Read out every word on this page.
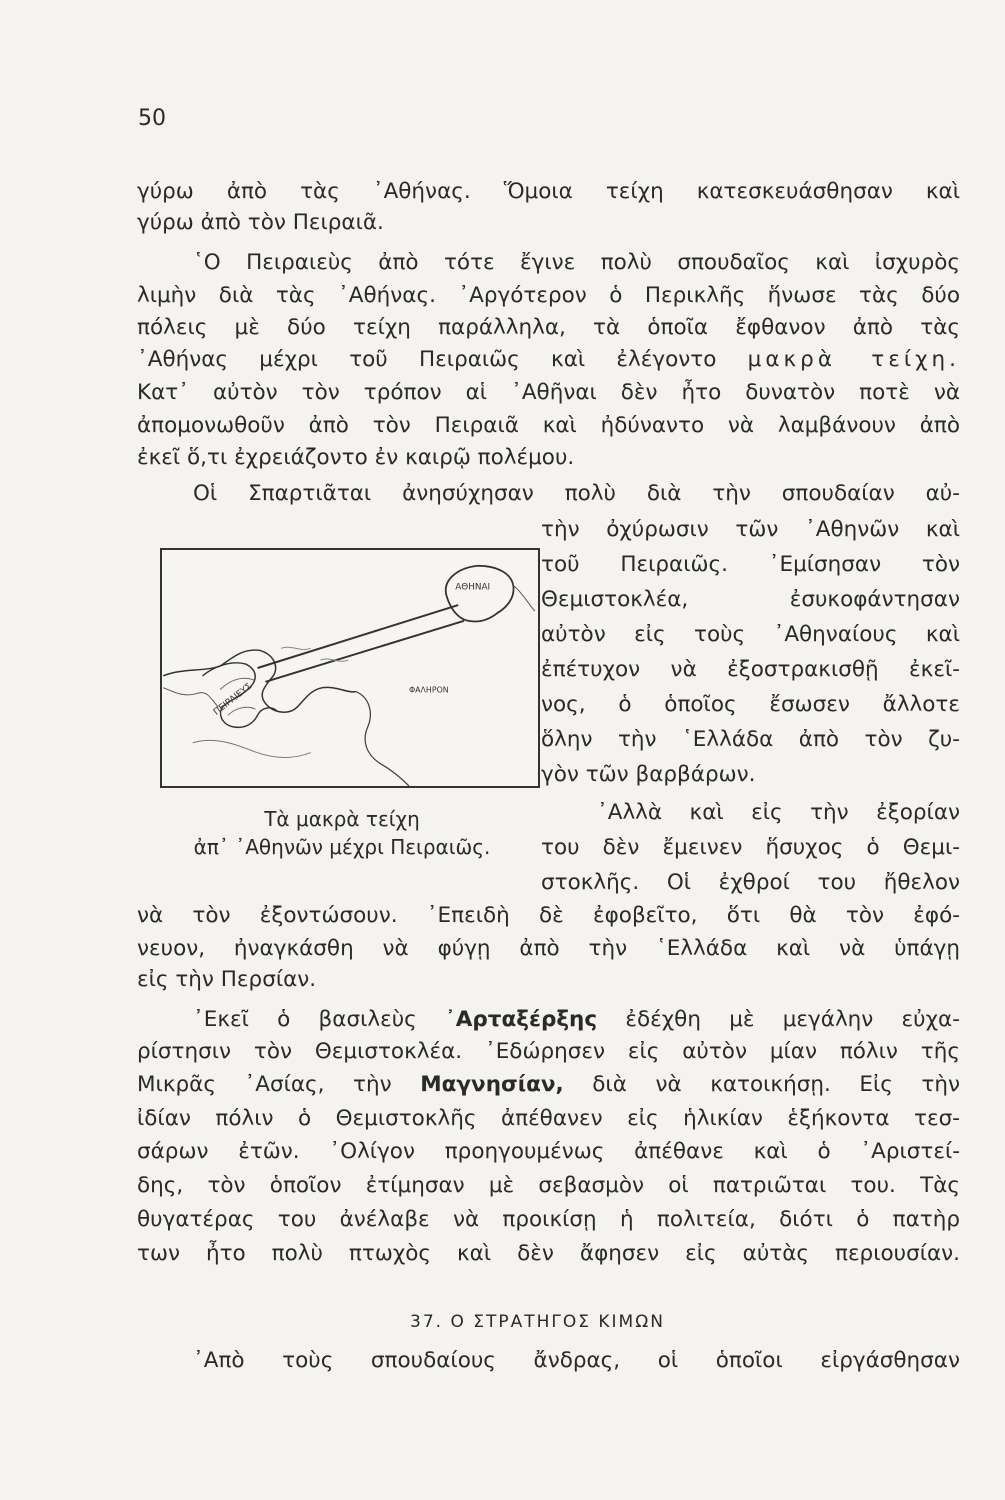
50
γύρω ἀπὸ τὰς ᾿Αθήνας. Ὅμοια τείχη κατεσκευάσθησαν καὶ
γύρω ἀπὸ τὸν Πειραιᾶ.
῾Ο Πειραιεὺς ἀπὸ τότε ἔγινε πολὺ σπουδαῖος καὶ ἰσχυρὸς
λιμὴν διὰ τὰς ᾿Αθήνας. ᾿Αργότερον ὁ Περικλῆς ἥνωσε τὰς δύο
πόλεις μὲ δύο τείχη παράλληλα, τὰ ὁποῖα ἔφθανον ἀπὸ τὰς
᾿Αθήνας μέχρι τοῦ Πειραιῶς καὶ ἐλέγοντο μακρὰ τείχη.
Κατ᾿ αὐτὸν τὸν τρόπον αἱ ᾿Αθῆναι δὲν ἦτο δυνατὸν ποτὲ νὰ
ἀπομονωθοῦν ἀπὸ τὸν Πειραιᾶ καὶ ἠδύναντο νὰ λαμβάνουν ἀπὸ
ἐκεῖ ὅ,τι ἐχρειάζοντο ἐν καιρῷ πολέμου.
Οἱ Σπαρτιᾶται ἀνησύχησαν πολὺ διὰ τὴν σπουδαίαν αὐ-
τὴν ὀχύρωσιν τῶν ᾿Αθηνῶν καὶ
τοῦ Πειραιῶς. ᾿Εμίσησαν τὸν
Θεμιστοκλέα, ἐσυκοφάντησαν
αὐτὸν εἰς τοὺς ᾿Αθηναίους καὶ
ἐπέτυχον νὰ ἐξοστρακισθῇ ἐκεῖ-
νος, ὁ ὁποῖος ἔσωσεν ἄλλοτε
ὅλην τὴν ῾Ελλάδα ἀπὸ τὸν ζυ-
γὸν τῶν βαρβάρων.
᾿Αλλὰ καὶ εἰς τὴν ἐξορίαν
του δὲν ἔμεινεν ἥσυχος ὁ Θεμι-
στοκλῆς. Οἱ ἐχθροί του ἤθελον
ΑΘΗΝΑΙ
ΦΑΛΗΡΟΝ
ΠΕΙΡΑΙΕΥΣ
Τὰ μακρὰ τείχη
ἀπ᾿ ᾿Αθηνῶν μέχρι Πειραιῶς.
νὰ τὸν ἐξοντώσουν. ᾿Επειδὴ δὲ ἐφοβεῖτο, ὅτι θὰ τὸν ἐφό-
νευον, ἠναγκάσθη νὰ φύγῃ ἀπὸ τὴν ῾Ελλάδα καὶ νὰ ὑπάγῃ
εἰς τὴν Περσίαν.
᾿Εκεῖ ὁ βασιλεὺς ᾿Αρταξέρξης ἐδέχθη μὲ μεγάλην εὐχα-
ρίστησιν τὸν Θεμιστοκλέα. ᾿Εδώρησεν εἰς αὐτὸν μίαν πόλιν τῆς
Μικρᾶς ᾿Ασίας, τὴν Μαγνησίαν, διὰ νὰ κατοικήσῃ. Εἰς τὴν
ἰδίαν πόλιν ὁ Θεμιστοκλῆς ἀπέθανεν εἰς ἡλικίαν ἑξήκοντα τεσ-
σάρων ἐτῶν. ᾿Ολίγον προηγουμένως ἀπέθανε καὶ ὁ ᾿Αριστεί-
δης, τὸν ὁποῖον ἐτίμησαν μὲ σεβασμὸν οἱ πατριῶται του. Τὰς
θυγατέρας του ἀνέλαβε νὰ προικίσῃ ἡ πολιτεία, διότι ὁ πατὴρ
των ἦτο πολὺ πτωχὸς καὶ δὲν ἄφησεν εἰς αὐτὰς περιουσίαν.
37. Ο ΣΤΡΑΤΗΓΟΣ ΚΙΜΩΝ
᾿Απὸ τοὺς σπουδαίους ἄνδρας, οἱ ὁποῖοι εἰργάσθησαν
